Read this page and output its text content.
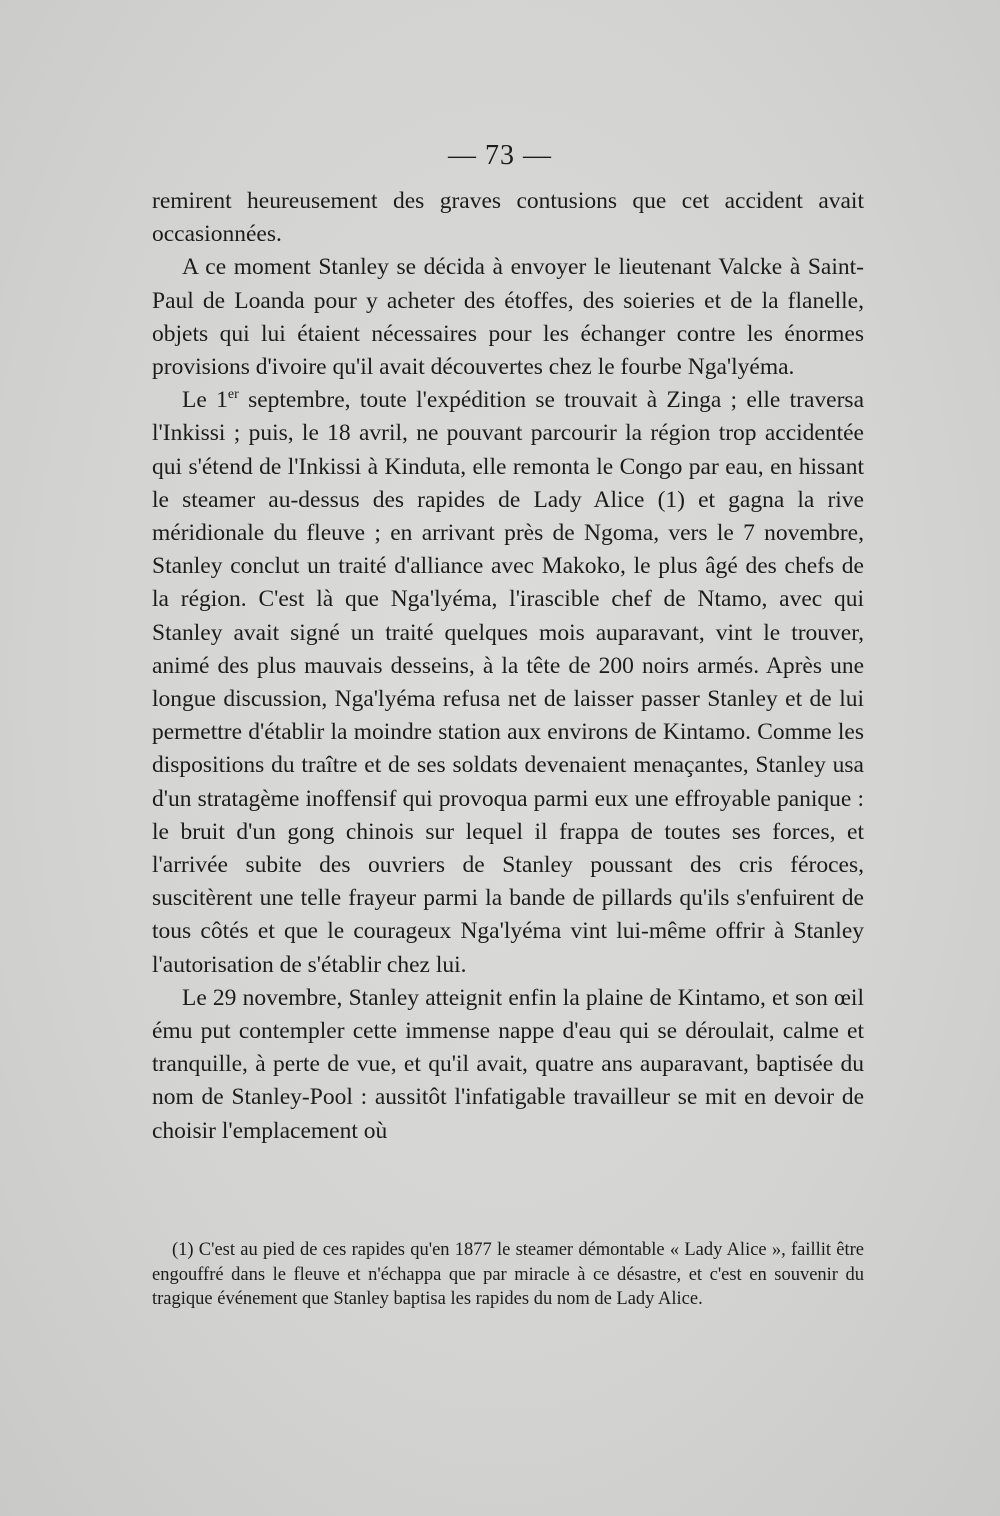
— 73 —

remirent heureusement des graves contusions que cet accident avait occasionnées.

A ce moment Stanley se décida à envoyer le lieutenant Valcke à Saint-Paul de Loanda pour y acheter des étoffes, des soieries et de la flanelle, objets qui lui étaient nécessaires pour les échanger contre les énormes provisions d'ivoire qu'il avait découvertes chez le fourbe Nga'lyéma.

Le 1er septembre, toute l'expédition se trouvait à Zinga ; elle traversa l'Inkissi ; puis, le 18 avril, ne pouvant parcourir la région trop accidentée qui s'étend de l'Inkissi à Kinduta, elle remonta le Congo par eau, en hissant le steamer au-dessus des rapides de Lady Alice (1) et gagna la rive méridionale du fleuve ; en arrivant près de Ngoma, vers le 7 novembre, Stanley conclut un traité d'alliance avec Makoko, le plus âgé des chefs de la région. C'est là que Nga'lyéma, l'irascible chef de Ntamo, avec qui Stanley avait signé un traité quelques mois auparavant, vint le trouver, animé des plus mauvais desseins, à la tête de 200 noirs armés. Après une longue discussion, Nga'lyéma refusa net de laisser passer Stanley et de lui permettre d'établir la moindre station aux environs de Kintamo. Comme les dispositions du traître et de ses soldats devenaient menaçantes, Stanley usa d'un stratagème inoffensif qui provoqua parmi eux une effroyable panique : le bruit d'un gong chinois sur lequel il frappa de toutes ses forces, et l'arrivée subite des ouvriers de Stanley poussant des cris féroces, suscitèrent une telle frayeur parmi la bande de pillards qu'ils s'enfuirent de tous côtés et que le courageux Nga'lyéma vint lui-même offrir à Stanley l'autorisation de s'établir chez lui.

Le 29 novembre, Stanley atteignit enfin la plaine de Kintamo, et son œil ému put contempler cette immense nappe d'eau qui se déroulait, calme et tranquille, à perte de vue, et qu'il avait, quatre ans auparavant, baptisée du nom de Stanley-Pool : aussitôt l'infatigable travailleur se mit en devoir de choisir l'emplacement où

(1) C'est au pied de ces rapides qu'en 1877 le steamer démontable « Lady Alice », faillit être engouffré dans le fleuve et n'échappa que par miracle à ce désastre, et c'est en souvenir du tragique événement que Stanley baptisa les rapides du nom de Lady Alice.
